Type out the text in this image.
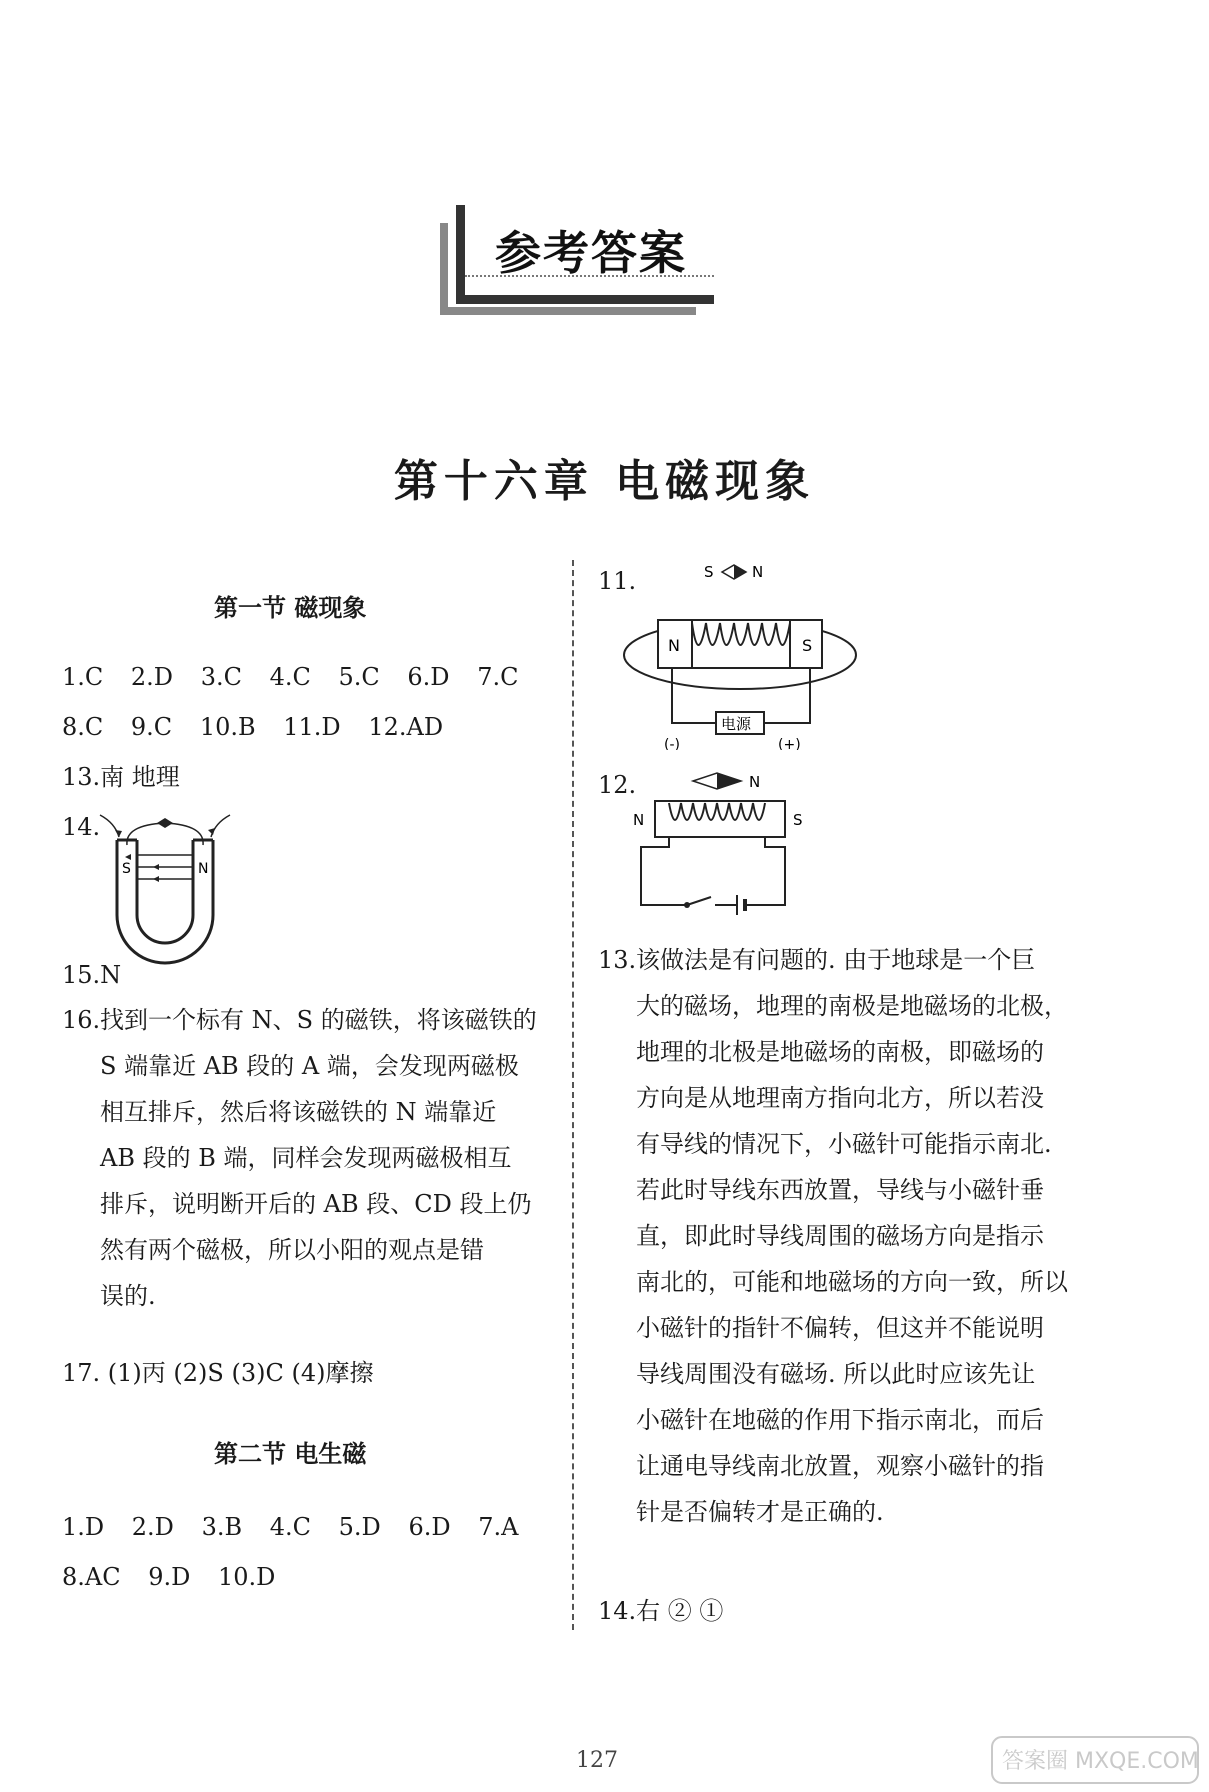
参考答案
第十六章 电磁现象
第一节 磁现象
1.C 2.D 3.C 4.C 5.C 6.D 7.C
8.C 9.C 10.B 11.D 12.AD
13.南 地理
14.
S	N
15.N
16. 找到一个标有 N、S 的磁铁，将该磁铁的
S 端靠近 AB 段的 A 端，会发现两磁极
相互排斥，然后将该磁铁的 N 端靠近
AB 段的 B 端，同样会发现两磁极相互
排斥，说明断开后的 AB 段、CD 段上仍
然有两个磁极，所以小阳的观点是错
误的.
17. (1)丙 (2)S (3)C (4)摩擦
第二节 电生磁
1.D 2.D 3.B 4.C 5.D 6.D 7.A
8.AC 9.D 10.D
11.	S	N
N	S
电源
(-)	(+)
12.	N
N	S
13. 该做法是有问题的. 由于地球是一个巨
大的磁场，地理的南极是地磁场的北极，
地理的北极是地磁场的南极，即磁场的
方向是从地理南方指向北方，所以若没
有导线的情况下，小磁针可能指示南北.
若此时导线东西放置，导线与小磁针垂
直，即此时导线周围的磁场方向是指示
南北的，可能和地磁场的方向一致，所以
小磁针的指针不偏转，但这并不能说明
导线周围没有磁场. 所以此时应该先让
小磁针在地磁的作用下指示南北，而后
让通电导线南北放置，观察小磁针的指
针是否偏转才是正确的.
14.右 ② ①
127	答案圈 MXQE.COM
